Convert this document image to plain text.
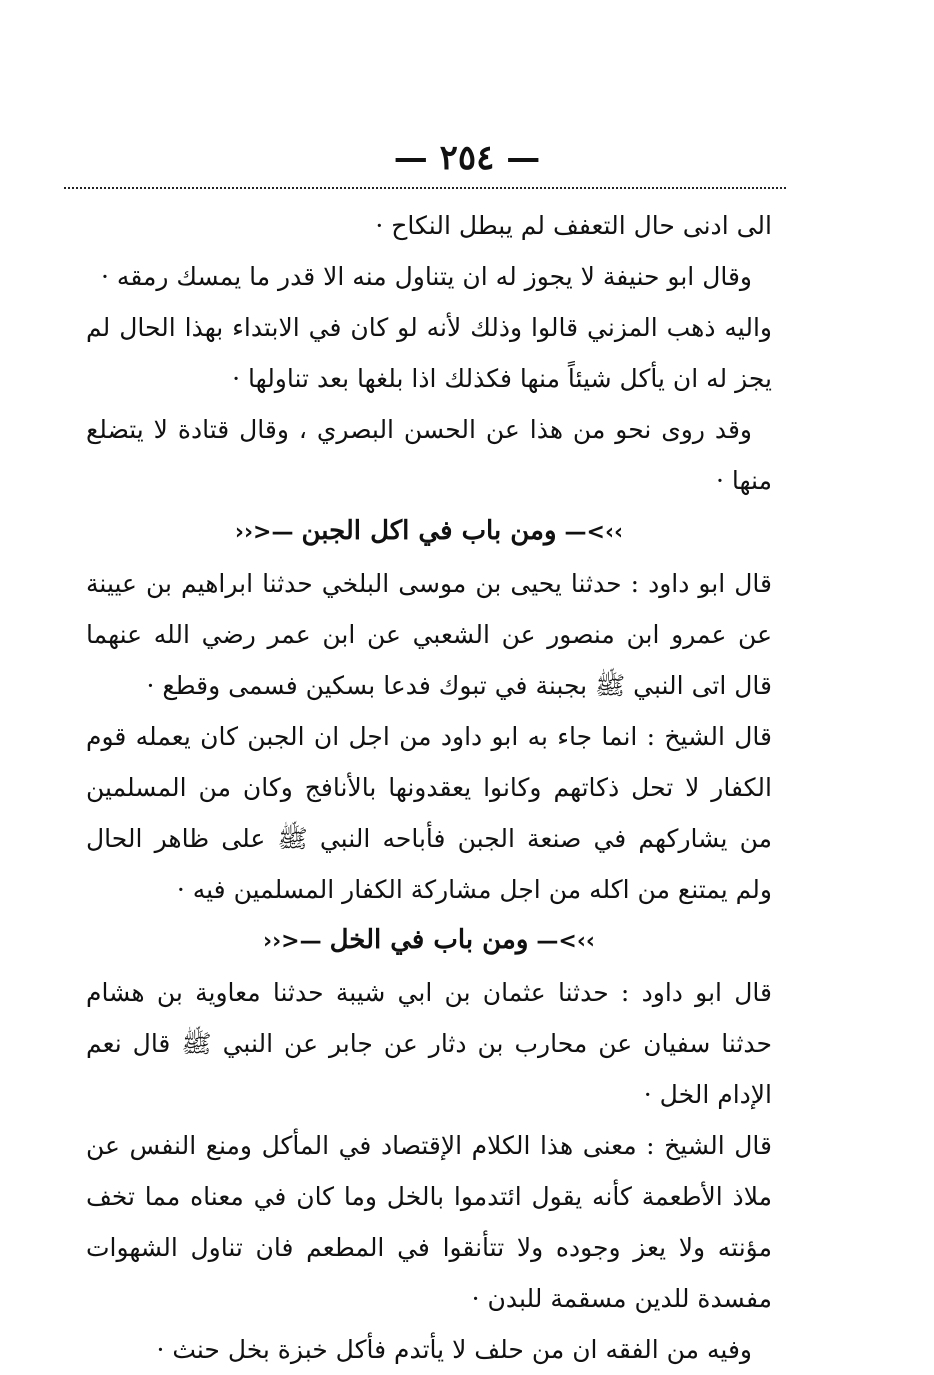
— ٢٥٤ —

الى ادنى حال التعفف لم يبطل النكاح ·

وقال ابو حنيفة لا يجوز له ان يتناول منه الا قدر ما يمسك رمقه ·

واليه ذهب المزني قالوا وذلك لأنه لو كان في الابتداء بهذا الحال لم يجز له ان يأكل شيئاً منها فكذلك اذا بلغها بعد تناولها ·

وقد روى نحو من هذا عن الحسن البصري ، وقال قتادة لا يتضلع منها ·

››>—ومن باب في اكل الجبن—<‹‹

قال ابو داود : حدثنا يحيى بن موسى البلخي حدثنا ابراهيم بن عيينة عن عمرو ابن منصور عن الشعبي عن ابن عمر رضي الله عنهما قال اتى النبي ﷺ بجبنة في تبوك فدعا بسكين فسمى وقطع ·

قال الشيخ : انما جاء به ابو داود من اجل ان الجبن كان يعمله قوم الكفار لا تحل ذكاتهم وكانوا يعقدونها بالأنافج وكان من المسلمين من يشاركهم في صنعة الجبن فأباحه النبي ﷺ على ظاهر الحال ولم يمتنع من اكله من اجل مشاركة الكفار المسلمين فيه ·

››>—ومن باب في الخل—<‹‹

قال ابو داود : حدثنا عثمان بن ابي شيبة حدثنا معاوية بن هشام حدثنا سفيان عن محارب بن دثار عن جابر عن النبي ﷺ قال نعم الإدام الخل ·

قال الشيخ : معنى هذا الكلام الإقتصاد في المأكل ومنع النفس عن ملاذ الأطعمة كأنه يقول ائتدموا بالخل وما كان في معناه مما تخف مؤنته ولا يعز وجوده ولا تتأنقوا في المطعم فان تناول الشهوات مفسدة للدين مسقمة للبدن ·

وفيه من الفقه ان من حلف لا يأتدم فأكل خبزة بخل حنث ·
